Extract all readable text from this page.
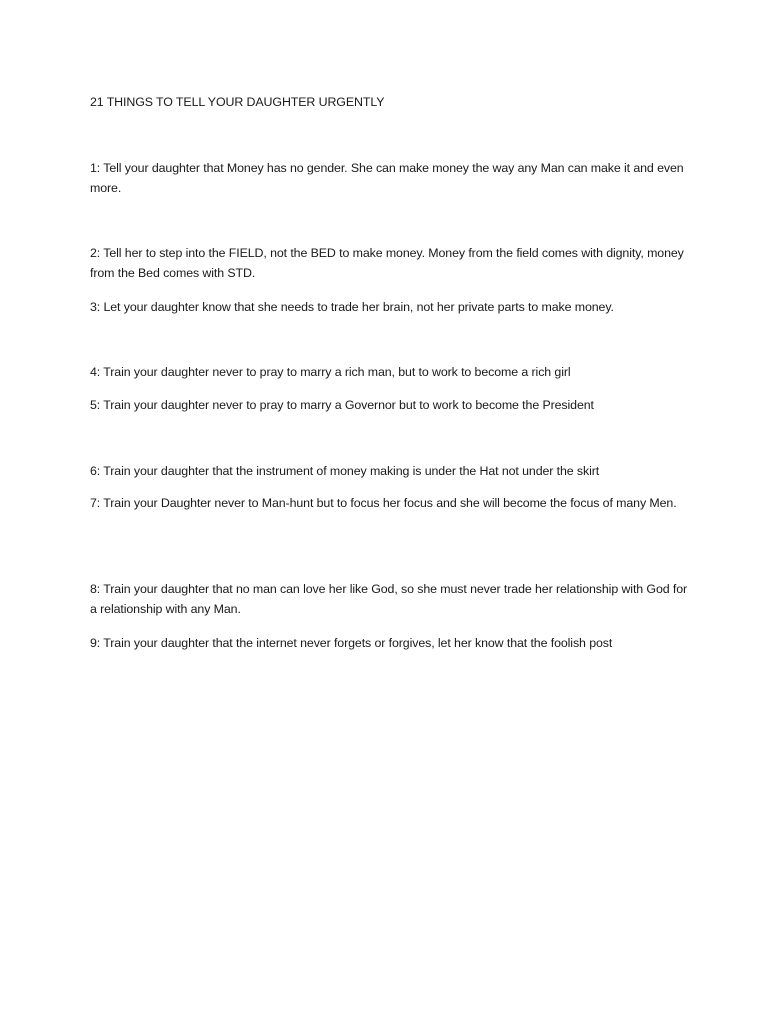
21 THINGS TO TELL YOUR DAUGHTER URGENTLY
1: Tell your daughter that Money has no gender. She can make money the way any Man can make it and even more.
2: Tell her to step into the FIELD, not the BED to make money. Money from the field comes with dignity, money from the Bed comes with STD.
3: Let your daughter know that she needs to trade her brain, not her private parts to make money.
4: Train your daughter never to pray to marry a rich man, but to work to become a rich girl
5: Train your daughter never to pray to marry a Governor but to work to become the President
6: Train your daughter that the instrument of money making is under the Hat not under the skirt
7: Train your Daughter never to Man-hunt but to focus her focus and she will become the focus of many Men.
8: Train your daughter that no man can love her like God, so she must never trade her relationship with God for a relationship with any Man.
9: Train your daughter that the internet never forgets or forgives, let her know that the foolish post
